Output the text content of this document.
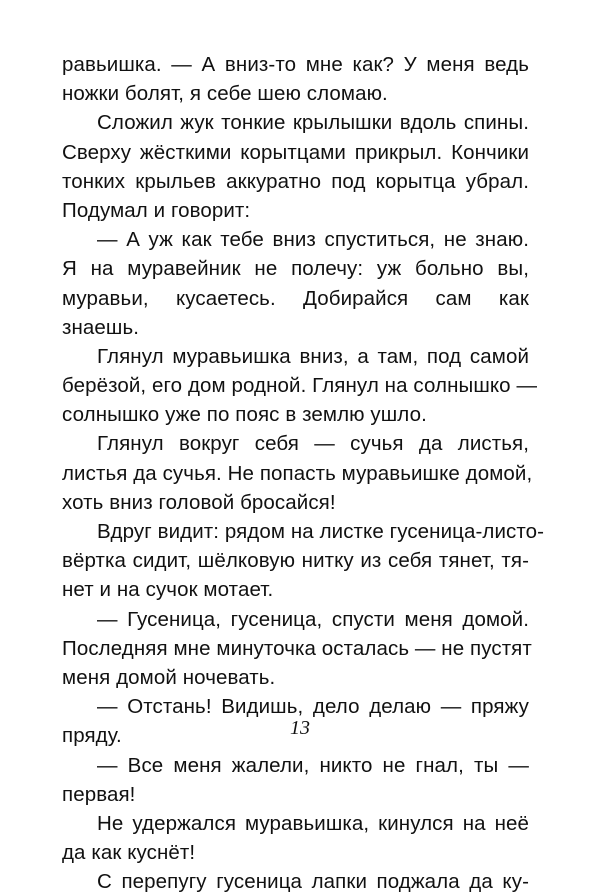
равьишка. — А вниз-то мне как? У меня ведь
ножки болят, я себе шею сломаю.
Сложил жук тонкие крылышки вдоль спины.
Сверху жёсткими корытцами прикрыл. Кончики
тонких крыльев аккуратно под корытца убрал.
Подумал и говорит:
— А уж как тебе вниз спуститься, не знаю.
Я на муравейник не полечу: уж больно вы,
муравьи, кусаетесь. Добирайся сам как
знаешь.
Глянул муравьишка вниз, а там, под самой
берёзой, его дом родной. Глянул на солнышко —
солнышко уже по пояс в землю ушло.
Глянул вокруг себя — сучья да листья,
листья да сучья. Не попасть муравьишке домой,
хоть вниз головой бросайся!
Вдруг видит: рядом на листке гусеница-листо-
вёртка сидит, шёлковую нитку из себя тянет, тя-
нет и на сучок мотает.
— Гусеница, гусеница, спусти меня домой.
Последняя мне минуточка осталась — не пустят
меня домой ночевать.
— Отстань! Видишь, дело делаю — пряжу
пряду.
— Все меня жалели, никто не гнал, ты —
первая!
Не удержался муравьишка, кинулся на неё
да как куснёт!
С перепугу гусеница лапки поджала да ку-
13
